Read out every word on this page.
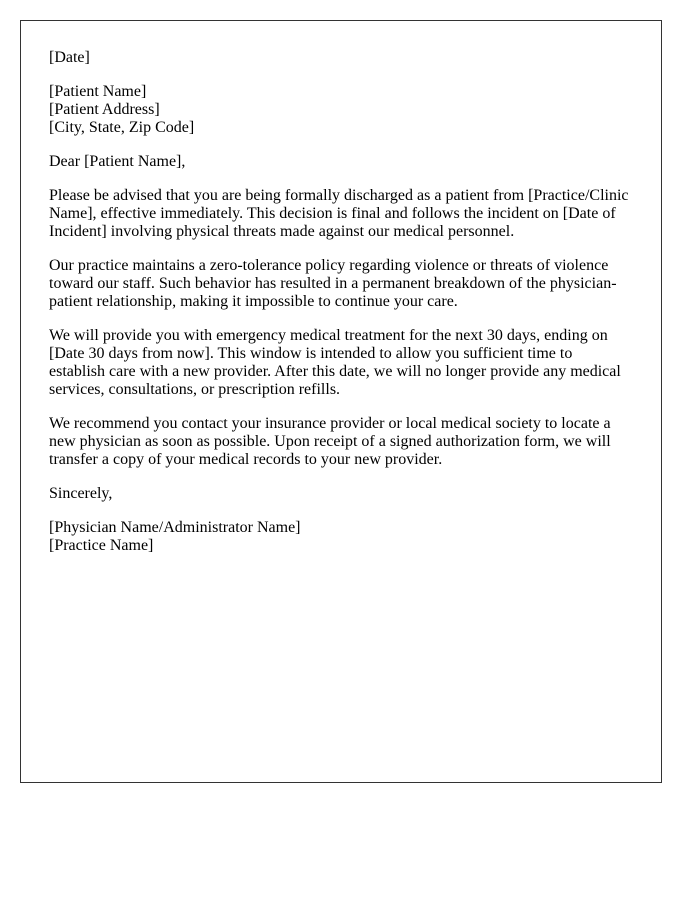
[Date]

[Patient Name]
[Patient Address]
[City, State, Zip Code]

Dear [Patient Name],

Please be advised that you are being formally discharged as a patient from [Practice/Clinic Name], effective immediately. This decision is final and follows the incident on [Date of Incident] involving physical threats made against our medical personnel.

Our practice maintains a zero-tolerance policy regarding violence or threats of violence toward our staff. Such behavior has resulted in a permanent breakdown of the physician-patient relationship, making it impossible to continue your care.

We will provide you with emergency medical treatment for the next 30 days, ending on [Date 30 days from now]. This window is intended to allow you sufficient time to establish care with a new provider. After this date, we will no longer provide any medical services, consultations, or prescription refills.

We recommend you contact your insurance provider or local medical society to locate a new physician as soon as possible. Upon receipt of a signed authorization form, we will transfer a copy of your medical records to your new provider.

Sincerely,

[Physician Name/Administrator Name]
[Practice Name]
